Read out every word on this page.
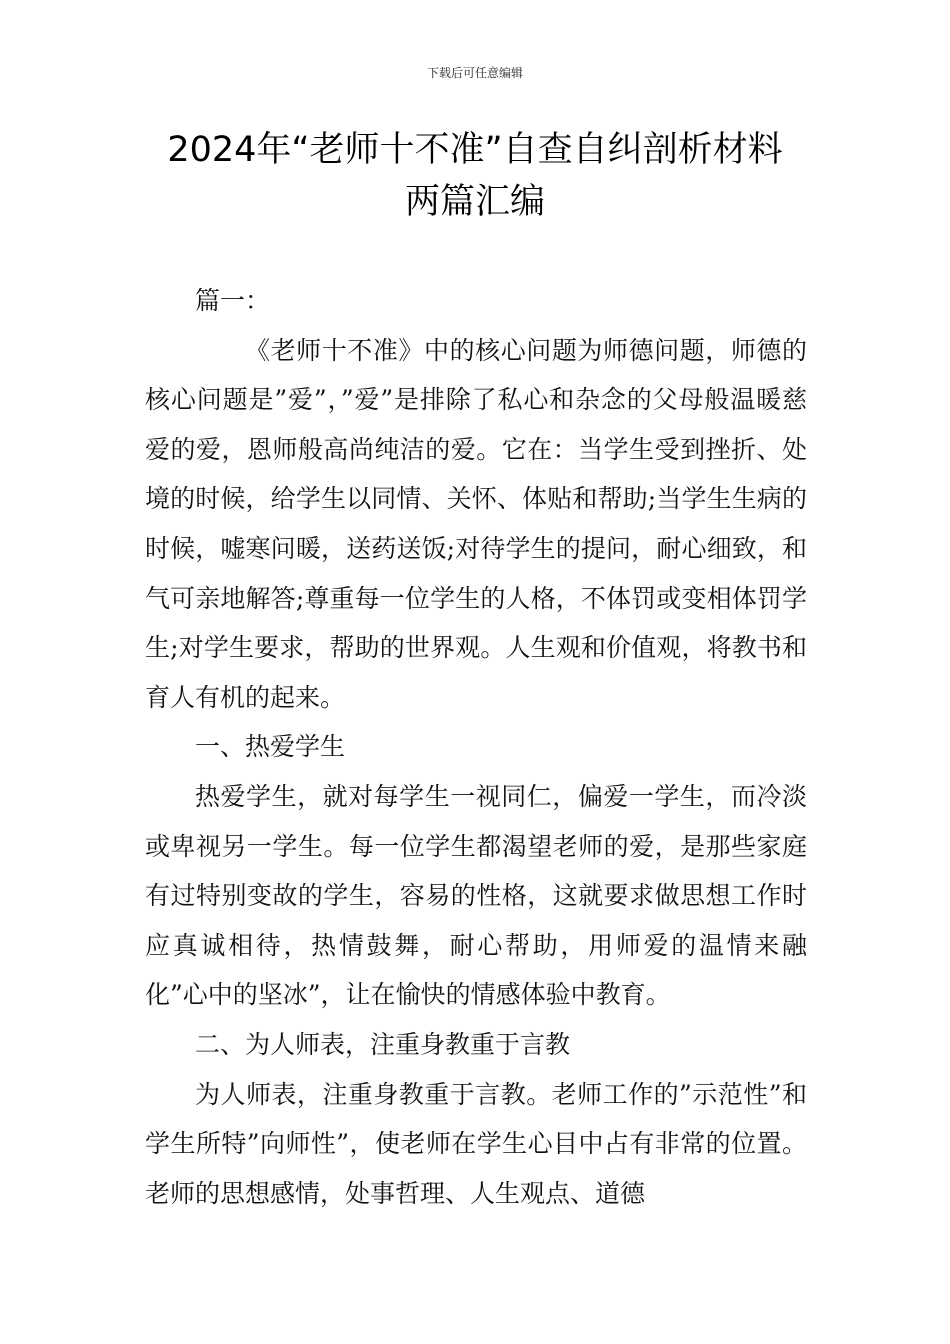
下载后可任意编辑
2024年“老师十不准”自查自纠剖析材料
两篇汇编

篇一：

《老师十不准》中的核心问题为师德问题，师德的核心问题是”爱”，”爱”是排除了私心和杂念的父母般温暖慈爱的爱，恩师般高尚纯洁的爱。它在：当学生受到挫折、处境的时候，给学生以同情、关怀、体贴和帮助;当学生生病的时候，嘘寒问暖，送药送饭;对待学生的提问，耐心细致，和气可亲地解答;尊重每一位学生的人格，不体罚或变相体罚学生;对学生要求，帮助的世界观。人生观和价值观，将教书和育人有机的起来。

一、热爱学生

热爱学生，就对每学生一视同仁，偏爱一学生，而冷淡或卑视另一学生。每一位学生都渴望老师的爱，是那些家庭有过特别变故的学生，容易的性格，这就要求做思想工作时应真诚相待，热情鼓舞，耐心帮助，用师爱的温情来融化”心中的坚冰”，让在愉快的情感体验中教育。

二、为人师表，注重身教重于言教

为人师表，注重身教重于言教。老师工作的”示范性”和学生所特”向师性”，使老师在学生心目中占有非常的位置。老师的思想感情，处事哲理、人生观点、道德
